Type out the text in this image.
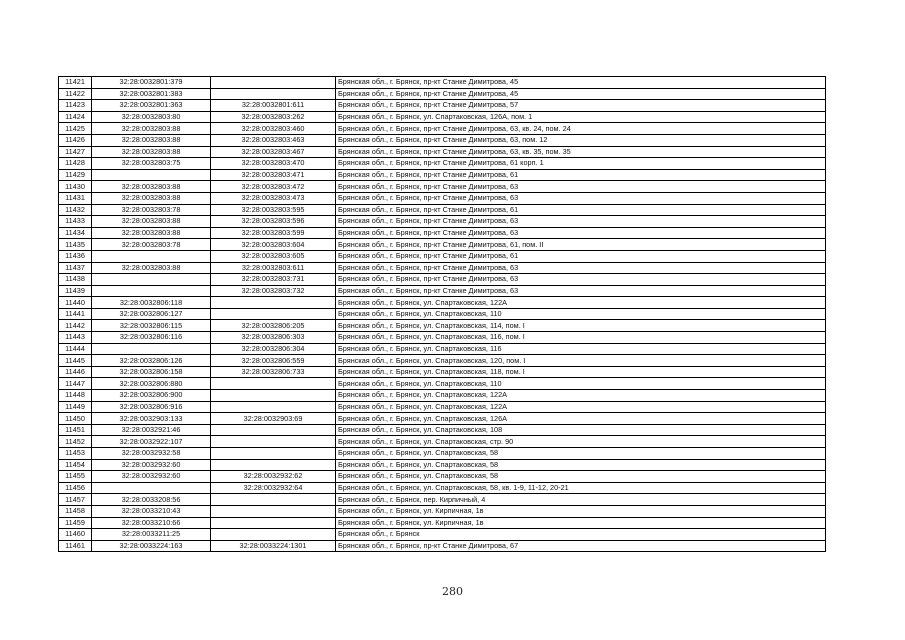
11421	32:28:0032801:379		Брянская обл., г. Брянск, пр-кт Станке Димитрова, 45
11422	32:28:0032801:383		Брянская обл., г. Брянск, пр-кт Станке Димитрова, 45
11423	32:28:0032801:363	32:28:0032801:611	Брянская обл., г. Брянск, пр-кт Станке Димитрова, 57
11424	32:28:0032803:80	32:28:0032803:262	Брянская обл., г. Брянск, ул. Спартаковская, 126А, пом. 1
11425	32:28:0032803:88	32:28:0032803:460	Брянская обл., г. Брянск, пр-кт Станке Димитрова, 63, кв. 24, пом. 24
11426	32:28:0032803:88	32:28:0032803:463	Брянская обл., г. Брянск, пр-кт Станке Димитрова, 63, пом. 12
11427	32:28:0032803:88	32:28:0032803:467	Брянская обл., г. Брянск, пр-кт Станке Димитрова, 63, кв. 35, пом. 35
11428	32:28:0032803:75	32:28:0032803:470	Брянская обл., г. Брянск, пр-кт Станке Димитрова, 61 корп. 1
11429		32:28:0032803:471	Брянская обл., г. Брянск, пр-кт Станке Димитрова, 61
11430	32:28:0032803:88	32:28:0032803:472	Брянская обл., г. Брянск, пр-кт Станке Димитрова, 63
11431	32:28:0032803:88	32:28:0032803:473	Брянская обл., г. Брянск, пр-кт Станке Димитрова, 63
11432	32:28:0032803:78	32:28:0032803:595	Брянская обл., г. Брянск, пр-кт Станке Димитрова, 61
11433	32:28:0032803:88	32:28:0032803:596	Брянская обл., г. Брянск, пр-кт Станке Димитрова, 63
11434	32:28:0032803:88	32:28:0032803:599	Брянская обл., г. Брянск, пр-кт Станке Димитрова, 63
11435	32:28:0032803:78	32:28:0032803:604	Брянская обл., г. Брянск, пр-кт Станке Димитрова, 61, пом. II
11436		32:28:0032803:605	Брянская обл., г. Брянск, пр-кт Станке Димитрова, 61
11437	32:28:0032803:88	32:28:0032803:611	Брянская обл., г. Брянск, пр-кт Станке Димитрова, 63
11438		32:28:0032803:731	Брянская обл., г. Брянск, пр-кт Станке Димитрова, 63
11439		32:28:0032803:732	Брянская обл., г. Брянск, пр-кт Станке Димитрова, 63
11440	32:28:0032806:118		Брянская обл., г. Брянск, ул. Спартаковская, 122А
11441	32:28:0032806:127		Брянская обл., г. Брянск, ул. Спартаковская, 110
11442	32:28:0032806:115	32:28:0032806:205	Брянская обл., г. Брянск, ул. Спартаковская, 114, пом. I
11443	32:28:0032806:116	32:28:0032806:303	Брянская обл., г. Брянск, ул. Спартаковская, 116, пом. I
11444		32:28:0032806:304	Брянская обл., г. Брянск, ул. Спартаковская, 116
11445	32:28:0032806:126	32:28:0032806:559	Брянская обл., г. Брянск, ул. Спартаковская, 120, пом. I
11446	32:28:0032806:158	32:28:0032806:733	Брянская обл., г. Брянск, ул. Спартаковская, 118, пом. I
11447	32:28:0032806:880		Брянская обл., г. Брянск, ул. Спартаковская, 110
11448	32:28:0032806:900		Брянская обл., г. Брянск, ул. Спартаковская, 122А
11449	32:28:0032806:916		Брянская обл., г. Брянск, ул. Спартаковская, 122А
11450	32:28:0032903:133	32:28:0032903:69	Брянская обл., г. Брянск, ул. Спартаковская, 126А
11451	32:28:0032921:46		Брянская обл., г. Брянск, ул. Спартаковская, 108
11452	32:28:0032922:107		Брянская обл., г. Брянск, ул. Спартаковская, стр. 90
11453	32:28:0032932:58		Брянская обл., г. Брянск, ул. Спартаковская, 58
11454	32:28:0032932:60		Брянская обл., г. Брянск, ул. Спартаковская, 58
11455	32:28:0032932:60	32:28:0032932:62	Брянская обл., г. Брянск, ул. Спартаковская, 58
11456		32:28:0032932:64	Брянская обл., г. Брянск, ул. Спартаковская, 58, кв. 1-9, 11-12, 20-21
11457	32:28:0033208:56		Брянская обл., г. Брянск, пер. Кирпичный, 4
11458	32:28:0033210:43		Брянская обл., г. Брянск, ул. Кирпичная, 1в
11459	32:28:0033210:66		Брянская обл., г. Брянск, ул. Кирпичная, 1в
11460	32:28:0033211:25		Брянская обл., г. Брянск
11461	32:28:0033224:163	32:28:0033224:1301	Брянская обл., г. Брянск, пр-кт Станке Димитрова, 67
280
